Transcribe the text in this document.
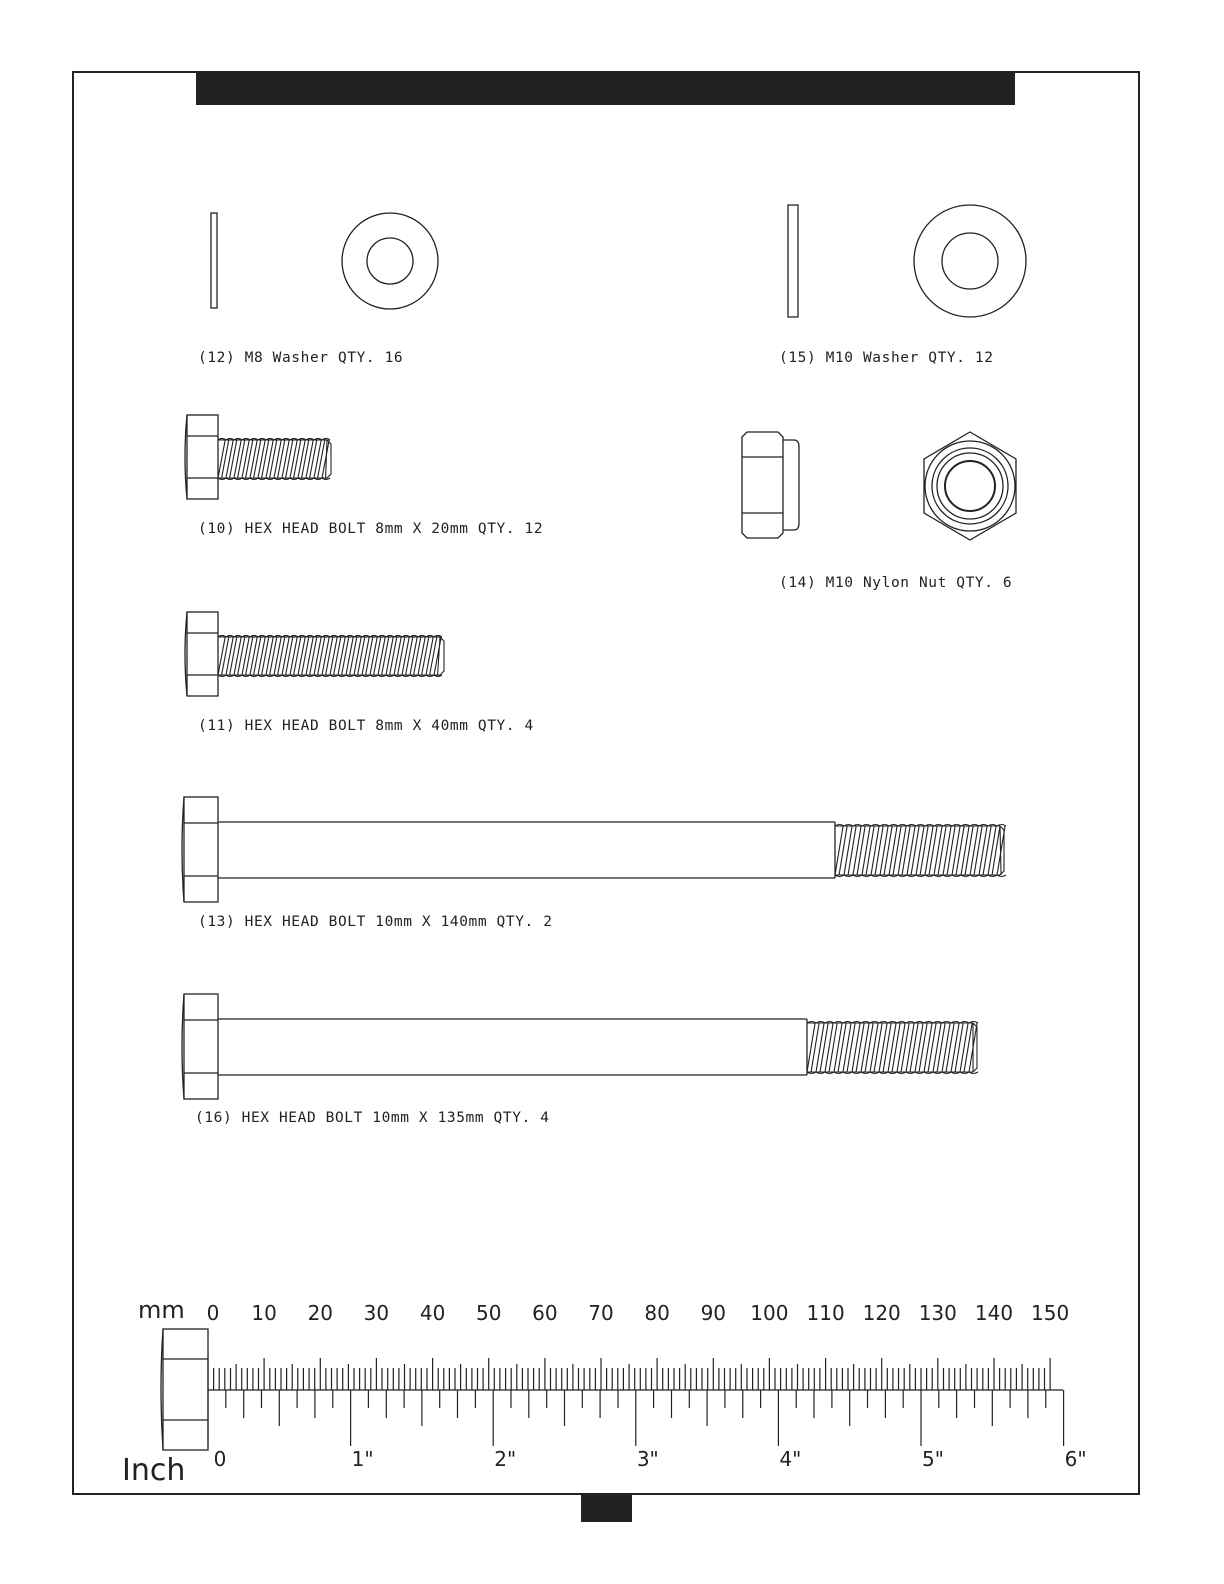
(12) M8 Washer QTY. 16	(15) M10 Washer QTY. 12
(10) HEX HEAD BOLT 8mm X 20mm QTY. 12
(14) M10 Nylon Nut QTY. 6
(11) HEX HEAD BOLT 8mm X 40mm QTY. 4
(13) HEX HEAD BOLT 10mm X 140mm QTY. 2
(16) HEX HEAD BOLT 10mm X 135mm QTY. 4
0 10 20 30 40 50 60 70 80 90 100 110 120 130 140 150
0	1"	2"	3"	4"	5"	6"
mm
Inch
